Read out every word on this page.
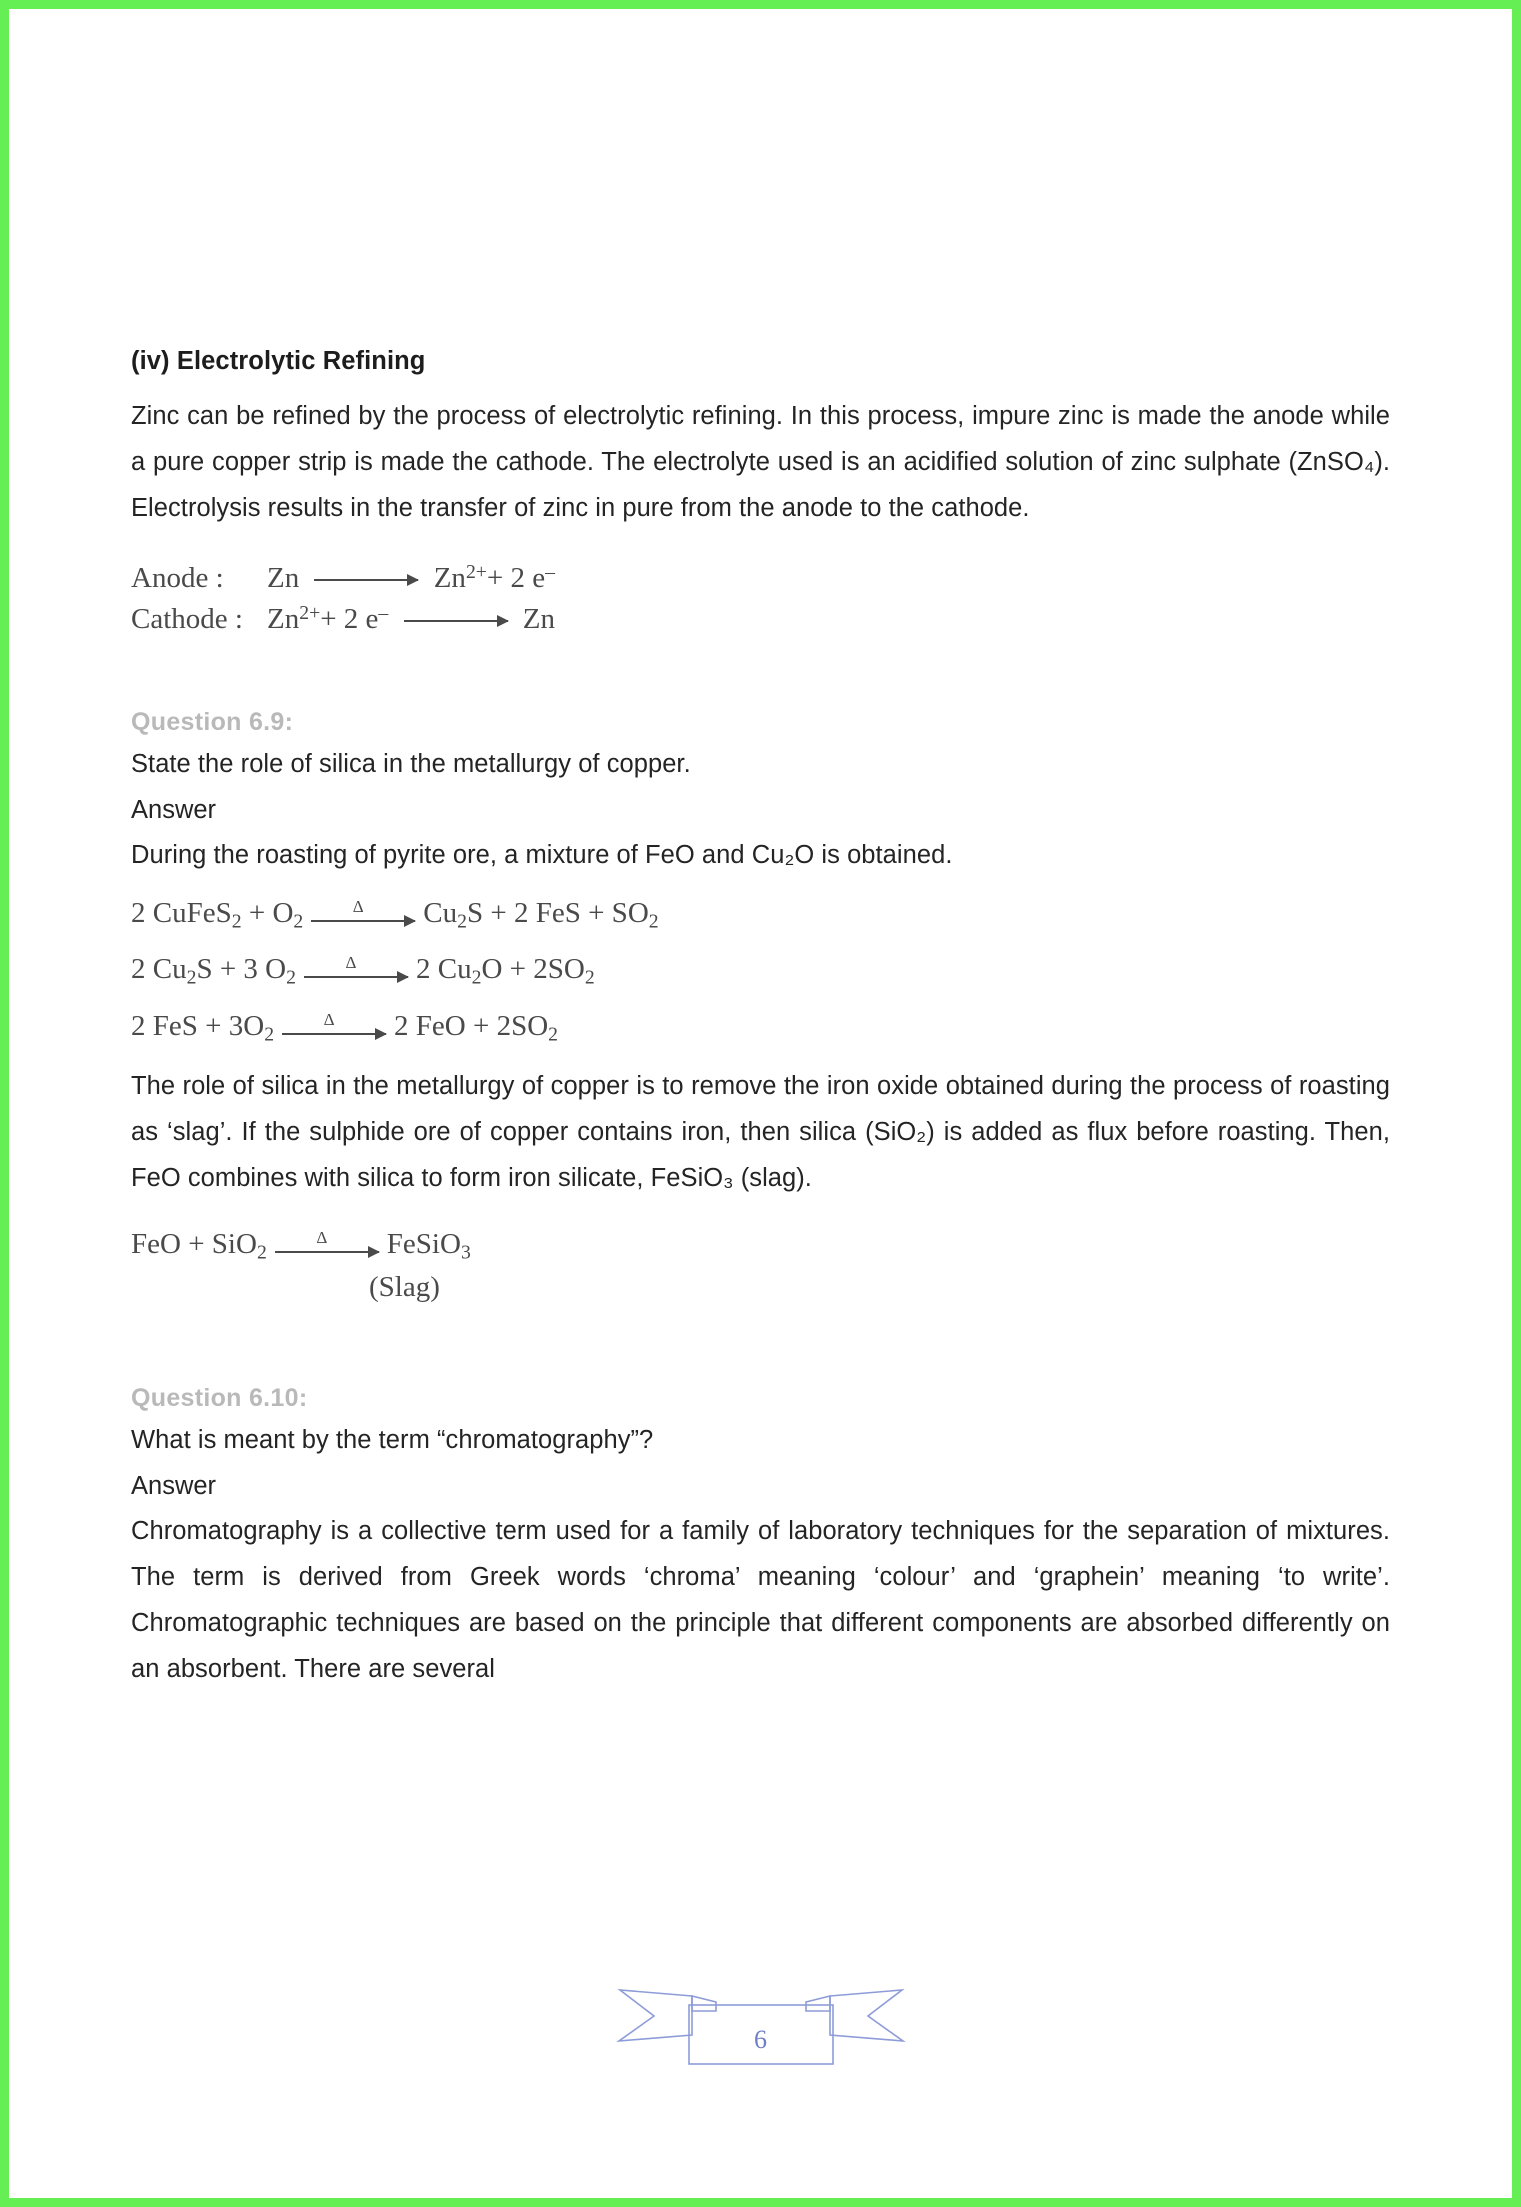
(iv) Electrolytic Refining

Zinc can be refined by the process of electrolytic refining. In this process, impure zinc is made the anode while a pure copper strip is made the cathode. The electrolyte used is an acidified solution of zinc sulphate (ZnSO₄). Electrolysis results in the transfer of zinc in pure from the anode to the cathode.

Anode :	$Zn \to Zn^{2+}+ 2$ e–
Cathode : $Zn^{2+}+ 2$ e– → Zn

Question 6.9:

State the role of silica in the metallurgy of copper.

Answer

During the roasting of pyrite ore, a mixture of FeO and Cu₂O is obtained.

2 CuFeS$_2$ + $O_2$
Δ	$Cu_2S + 2$ FeS + $SO_2$
2 $Cu_2S + 3$ $O_2$
Δ	2 $Cu_2O + 2SO_2$
2 FeS + $3O_2$
Δ	2 FeO + $2SO_2$

The role of silica in the metallurgy of copper is to remove the iron oxide obtained during the process of roasting as ‘slag’. If the sulphide ore of copper contains iron, then silica (SiO₂) is added as flux before roasting. Then, FeO combines with silica to form iron silicate, FeSiO₃ (slag).

FeO + SiO$_2$
Δ	FeSiO$_3$
(Slag)

Question 6.10:

What is meant by the term “chromatography”?

Answer

Chromatography is a collective term used for a family of laboratory techniques for the separation of mixtures. The term is derived from Greek words ‘chroma’ meaning ‘colour’ and ‘graphein’ meaning ‘to write’. Chromatographic techniques are based on the principle that different components are absorbed differently on an absorbent. There are several

6
